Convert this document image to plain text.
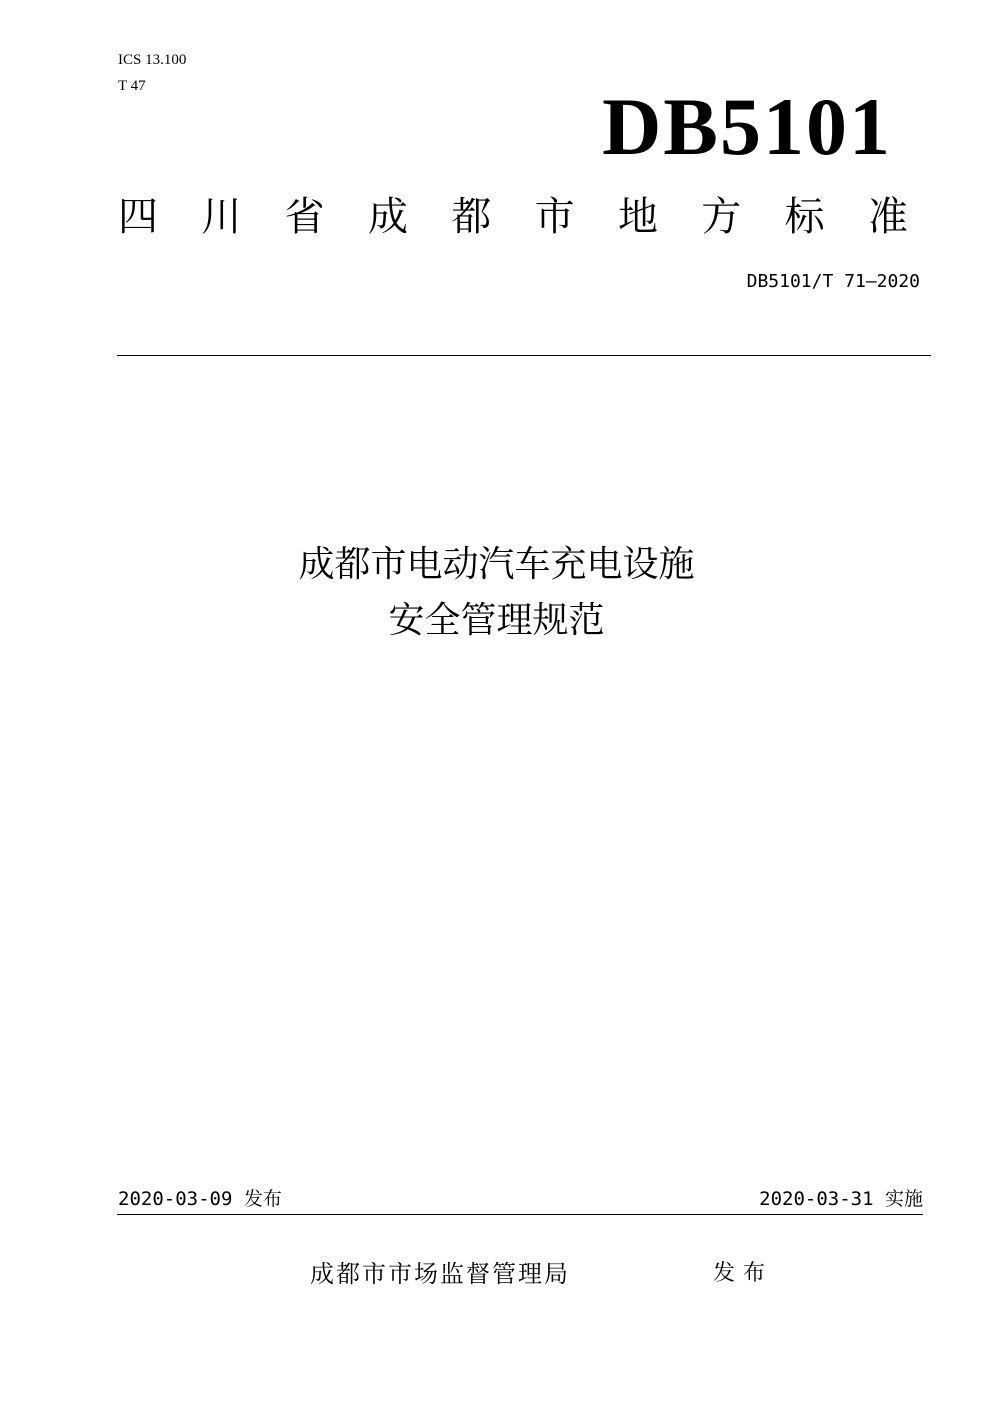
ICS 13.100
T 47	DB5101
四 川 省 成 都 市 地 方 标 准
DB5101/T 71—2020
成都市电动汽车充电设施
安全管理规范
2020-03-09 发布	2020-03-31 实施
成都市市场监督管理局	发布
